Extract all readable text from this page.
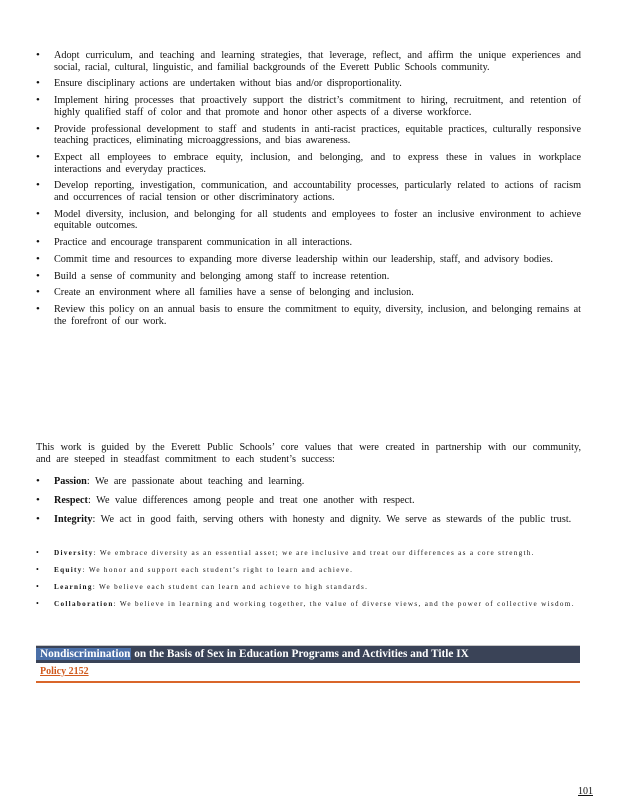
• Adopt curriculum, and teaching and learning strategies, that leverage, reflect, and affirm the unique experiences and social, racial, cultural, linguistic, and familial backgrounds of the Everett Public Schools community.
• Ensure disciplinary actions are undertaken without bias and/or disproportionality.
• Implement hiring processes that proactively support the district’s commitment to hiring, recruitment, and retention of highly qualified staff of color and that promote and honor other aspects of a diverse workforce.
• Provide professional development to staff and students in anti-racist practices, equitable practices, culturally responsive teaching practices, eliminating microaggressions, and bias awareness.
• Expect all employees to embrace equity, inclusion, and belonging, and to express these in values in workplace interactions and everyday practices.
• Develop reporting, investigation, communication, and accountability processes, particularly related to actions of racism and occurrences of racial tension or other discriminatory actions.
• Model diversity, inclusion, and belonging for all students and employees to foster an inclusive environment to achieve equitable outcomes.
• Practice and encourage transparent communication in all interactions.
• Commit time and resources to expanding more diverse leadership within our leadership, staff, and advisory bodies.
• Build a sense of community and belonging among staff to increase retention.
• Create an environment where all families have a sense of belonging and inclusion.
• Review this policy on an annual basis to ensure the commitment to equity, diversity, inclusion, and belonging remains at the forefront of our work.

This work is guided by the Everett Public Schools’ core values that were created in partnership with our community, and are steeped in steadfast commitment to each student’s success:

• Passion: We are passionate about teaching and learning.
• Respect: We value differences among people and treat one another with respect.
• Integrity: We act in good faith, serving others with honesty and dignity. We serve as stewards of the public trust.
• Diversity: We embrace diversity as an essential asset; we are inclusive and treat our differences as a core strength.
• Equity: We honor and support each student’s right to learn and achieve.
• Learning: We believe each student can learn and achieve to high standards.
• Collaboration: We believe in learning and working together, the value of diverse views, and the power of collective wisdom.
Nondiscrimination on the Basis of Sex in Education Programs and Activities and Title IX
Policy 2152
101
